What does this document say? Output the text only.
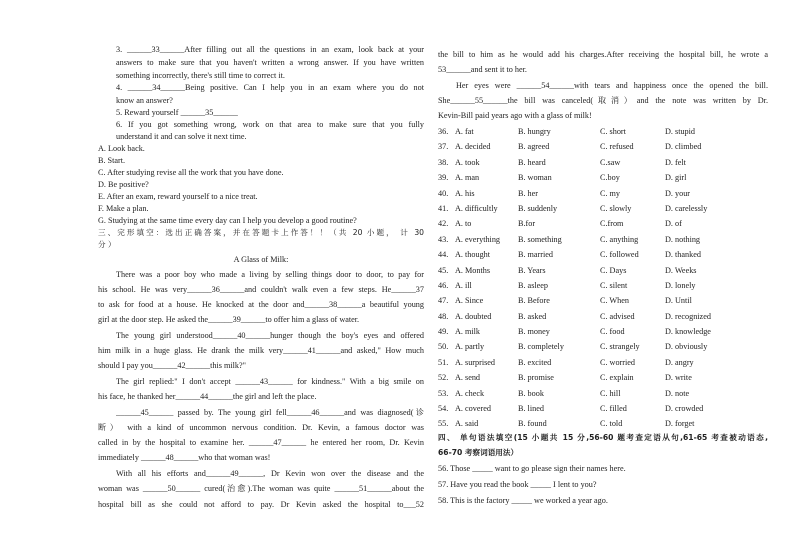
3. ______33______After filling out all the questions in an exam, look back at your
answers to make sure that you haven't written a wrong answer. If you have written
something incorrectly, there's still time to correct it.
4. ______34______Being positive. Can I help you in an exam where you do not
know an answer?
5. Reward yourself ______35______
6. If you got something wrong, work on that area to make sure that you fully
understand it and can solve it next time.
A. Look back.
B. Start.
C. After studying revise all the work that you have done.
D. Be positive?
E. After an exam, reward yourself to a nice treat.
F. Make a plan.
G. Studying at the same time every day can I help you develop a good routine?
三、完形填空：选出正确答案，并在答题卡上作答！！（共 20 小题， 计 30
分 ）
A Glass of Milk:
There was a poor boy who made a living by selling things door to door, to pay for
his school. He was very______36______and couldn't walk even a few steps. He______37
to ask for food at a house. He knocked at the door and______38______a beautiful young
girl at the door step. He asked the______39______to offer him a glass of water.
The young girl understood______40______hunger though the boy's eyes and offered
him milk in a huge glass. He drank the milk very______41______and asked," How much
should I pay you______42______this milk?"
The girl replied:" I don't accept ______43______ for kindness." With a big smile on
his face, he thanked her______44______the girl and left the place.
______45______ passed by. The young girl fell______46______and was diagnosed(诊
断） with a kind of uncommon nervous condition. Dr. Kevin, a famous doctor was
called in by the hospital to examine her. ______47______ he entered her room, Dr. Kevin
immediately ______48______who that woman was!
With all his efforts and______49______, Dr Kevin won over the disease and the
woman was ______50______ cured(治愈).The woman was quite ______51______about the
hospital bill as she could not afford to pay. Dr Kevin asked the hospital to___52
the bill to him as he would add his charges.After receiving the hospital bill, he wrote a
53______and sent it to her.
Her eyes were ______54______with tears and happiness once the opened the bill.
She______55______the bill was canceled(取消）and the note was written by Dr.
Kevin-Bill paid years ago with a glass of milk!
四、 单句语法填空(15 小题共 15 分,56-60 题考查定语从句,61-65 考查被动语态,
66-70 考察词语用法）
56. Those _____ want to go please sign their names here.
57. Have you read the book _____ I lent to you?
58. This is the factory _____ we worked a year ago.
36. A. fat	B. hungry	C. short	D. stupid
37. A. decided	B. agreed	C. refused	D. climbed
38. A. took	B. heard	C.saw	D. felt
39. A. man	B. woman	C.boy	D. girl
40. A. his	B. her	C. my	D. your
41. A. difficultly B. suddenly	C. slowly	D. carelessly
42. A. to	B.for	C.from	D. of
43. A. everything B. something	C. anything	D. nothing
44. A. thought	B. married	C. followed	D. thanked
45. A. Months	B. Years	C. Days	D. Weeks
46. A. ill	B. asleep	C. silent	D. lonely
47. A. Since	B. Before	C. When	D. Until
48. A. doubted	B. asked	C. advised	D. recognized
49. A. milk	B. money	C. food	D. knowledge
50. A. partly	B. completely	C. strangely	D. obviously
51. A. surprised	B. excited	C. worried	D. angry
52. A. send	B. promise	C. explain	D. write
53. A. check	B. book	C. hill	D. note
54. A. covered	B. lined	C. filled	D. crowded
55. A. said	B. found	C. told	D. forget
